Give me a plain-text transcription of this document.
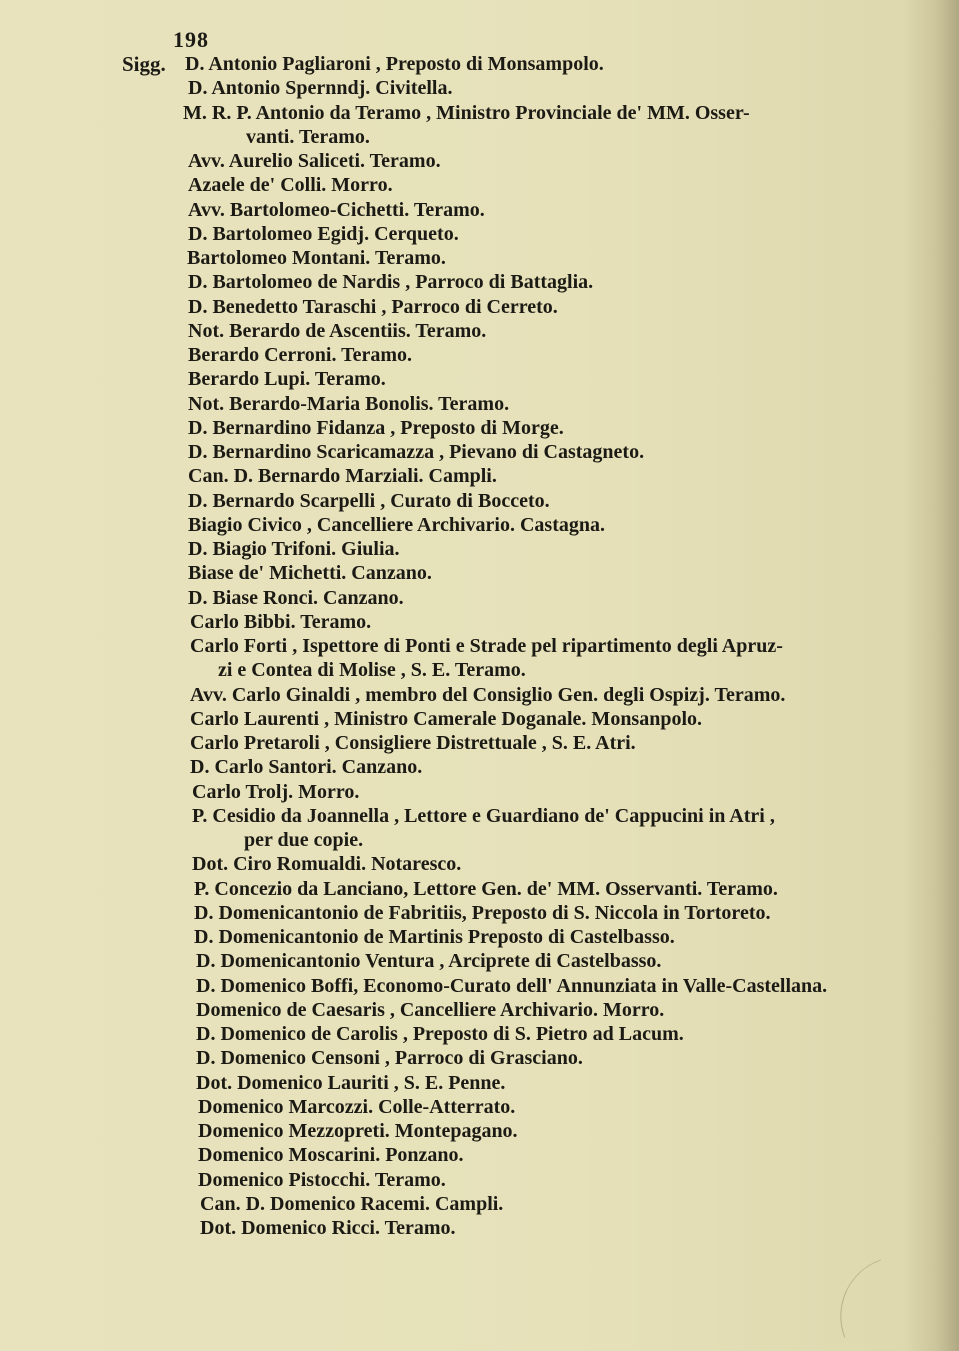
198
Sigg. D. Antonio Pagliaroni , Preposto di Monsampolo.
D. Antonio Spernndj. Civitella.
M. R. P. Antonio da Teramo , Ministro Provinciale de' MM. Osser-
vanti. Teramo.
Avv. Aurelio Saliceti. Teramo.
Azaele de' Colli. Morro.
Avv. Bartolomeo-Cichetti. Teramo.
D. Bartolomeo Egidj. Cerqueto.
Bartolomeo Montani. Teramo.
D. Bartolomeo de Nardis , Parroco di Battaglia.
D. Benedetto Taraschi , Parroco di Cerreto.
Not. Berardo de Ascentiis. Teramo.
Berardo Cerroni. Teramo.
Berardo Lupi. Teramo.
Not. Berardo-Maria Bonolis. Teramo.
D. Bernardino Fidanza , Preposto di Morge.
D. Bernardino Scaricamazza , Pievano di Castagneto.
Can. D. Bernardo Marziali. Campli.
D. Bernardo Scarpelli , Curato di Bocceto.
Biagio Civico , Cancelliere Archivario. Castagna.
D. Biagio Trifoni. Giulia.
Biase de' Michetti. Canzano.
D. Biase Ronci. Canzano.
Carlo Bibbi. Teramo.
Carlo Forti , Ispettore di Ponti e Strade pel ripartimento degli Apruz-
zi e Contea di Molise , S. E. Teramo.
Avv. Carlo Ginaldi , membro del Consiglio Gen. degli Ospizj. Teramo.
Carlo Laurenti , Ministro Camerale Doganale. Monsanpolo.
Carlo Pretaroli , Consigliere Distrettuale , S. E. Atri.
D. Carlo Santori. Canzano.
Carlo Trolj. Morro.
P. Cesidio da Joannella , Lettore e Guardiano de' Cappucini in Atri ,
per due copie.
Dot. Ciro Romualdi. Notaresco.
P. Concezio da Lanciano, Lettore Gen. de' MM. Osservanti. Teramo.
D. Domenicantonio de Fabritiis, Preposto di S. Niccola in Tortoreto.
D. Domenicantonio de Martinis Preposto di Castelbasso.
D. Domenicantonio Ventura , Arciprete di Castelbasso.
D. Domenico Boffi, Economo-Curato dell' Annunziata in Valle-Castellana.
Domenico de Caesaris , Cancelliere Archivario. Morro.
D. Domenico de Carolis , Preposto di S. Pietro ad Lacum.
D. Domenico Censoni , Parroco di Grasciano.
Dot. Domenico Lauriti , S. E. Penne.
Domenico Marcozzi. Colle-Atterrato.
Domenico Mezzopreti. Montepagano.
Domenico Moscarini. Ponzano.
Domenico Pistocchi. Teramo.
Can. D. Domenico Racemi. Campli.
Dot. Domenico Ricci. Teramo.
